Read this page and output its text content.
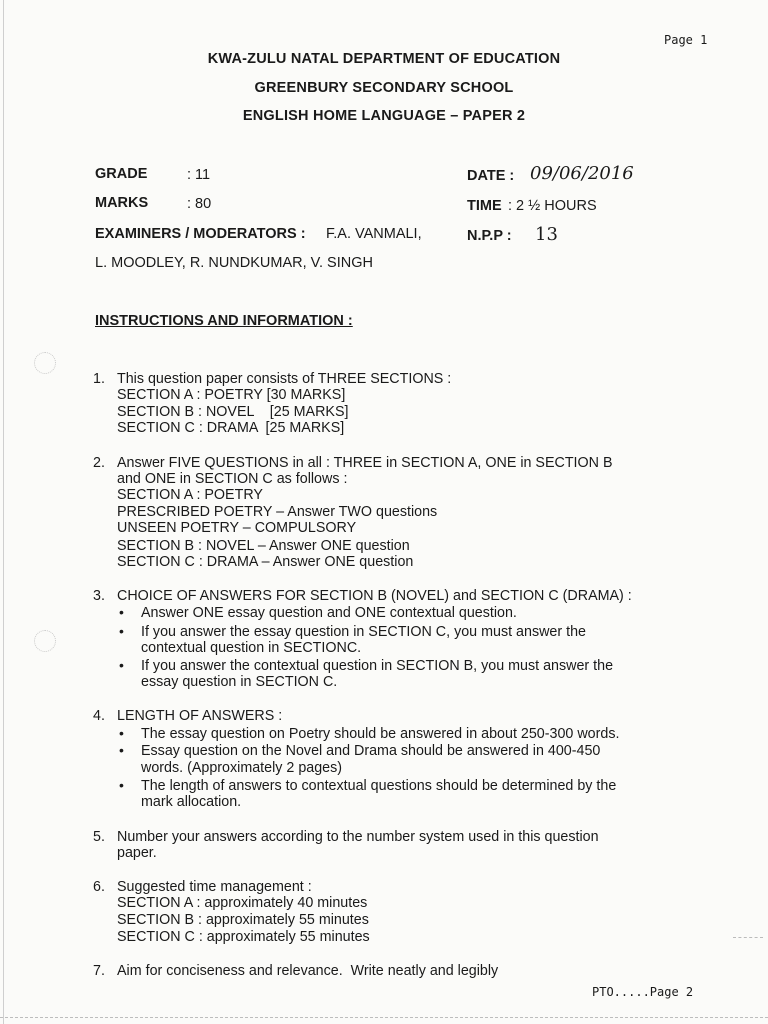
Page 1
KWA-ZULU NATAL DEPARTMENT OF EDUCATION
GREENBURY SECONDARY SCHOOL
ENGLISH HOME LANGUAGE – PAPER 2
GRADE	: 11
MARKS	: 80
EXAMINERS / MODERATORS : F.A. VANMALI,
L. MOODLEY, R. NUNDKUMAR, V. SINGH
DATE : 09/06/2016
TIME : 2 ½ HOURS
N.P.P : 13
INSTRUCTIONS AND INFORMATION :
1. This question paper consists of THREE SECTIONS :
SECTION A : POETRY [30 MARKS]
SECTION B : NOVEL    [25 MARKS]
SECTION C : DRAMA  [25 MARKS]
2. Answer FIVE QUESTIONS in all : THREE in SECTION A, ONE in SECTION B
and ONE in SECTION C as follows :
SECTION A : POETRY
PRESCRIBED POETRY – Answer TWO questions
UNSEEN POETRY – COMPULSORY
SECTION B : NOVEL – Answer ONE question
SECTION C : DRAMA – Answer ONE question
3. CHOICE OF ANSWERS FOR SECTION B (NOVEL) and SECTION C (DRAMA) :
• Answer ONE essay question and ONE contextual question.
• If you answer the essay question in SECTION C, you must answer the
contextual question in SECTIONC.
• If you answer the contextual question in SECTION B, you must answer the
essay question in SECTION C.
4. LENGTH OF ANSWERS :
• The essay question on Poetry should be answered in about 250-300 words.
• Essay question on the Novel and Drama should be answered in 400-450
words. (Approximately 2 pages)
• The length of answers to contextual questions should be determined by the
mark allocation.
5. Number your answers according to the number system used in this question
paper.
6. Suggested time management :
SECTION A : approximately 40 minutes
SECTION B : approximately 55 minutes
SECTION C : approximately 55 minutes
7. Aim for conciseness and relevance.  Write neatly and legibly
PTO.....Page 2
